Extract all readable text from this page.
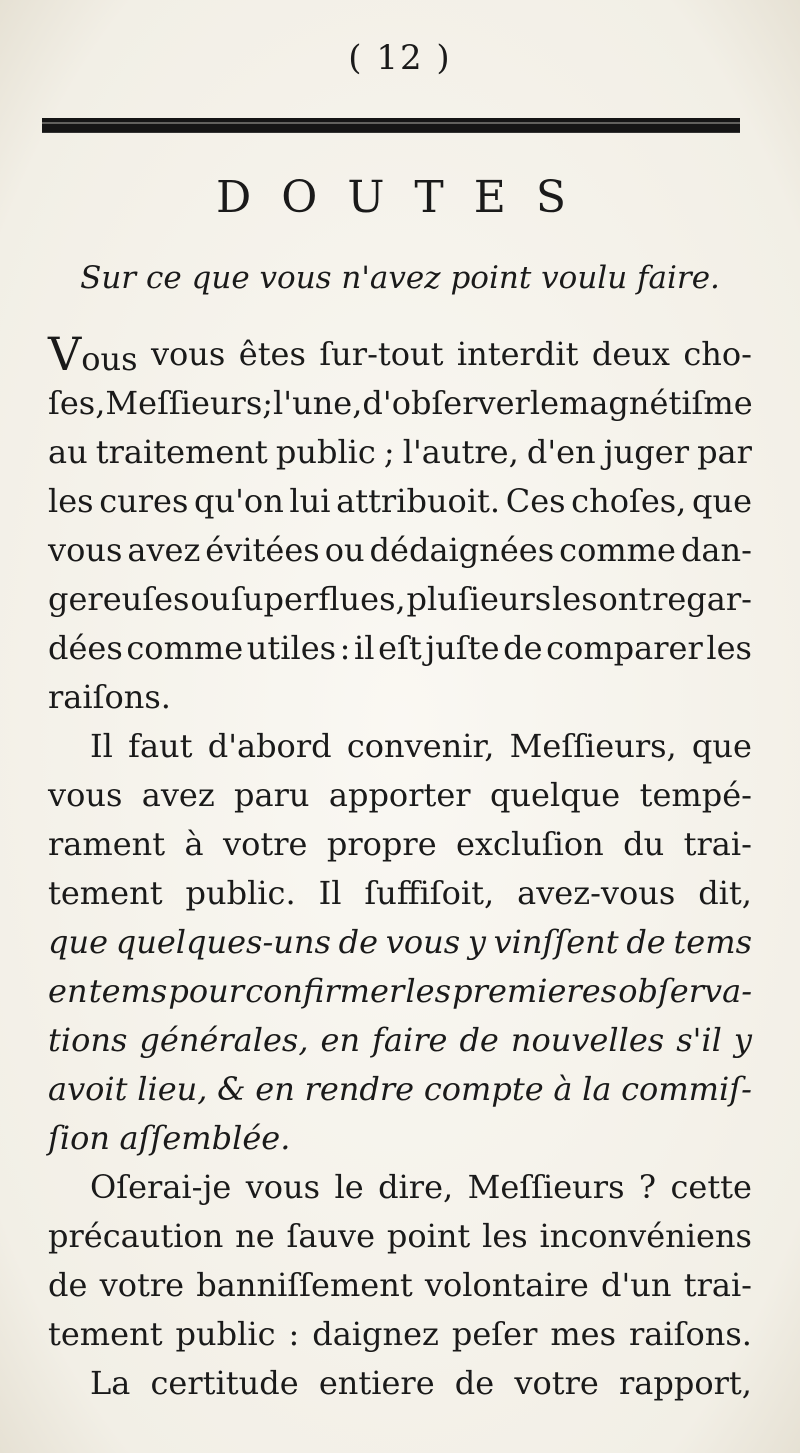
( 12 )
DOUTES
Sur ce que vous n'avez point voulu faire.
Vous vous êtes ſur-tout interdit deux cho-
ſes, Meſſieurs ; l'une, d'obſerver le magnétiſme
au traitement public ; l'autre, d'en juger par
les cures qu'on lui attribuoit. Ces choſes, que
vous avez évitées ou dédaignées comme dan-
gereuſes ou ſuperflues, pluſieurs les ont regar-
dées comme utiles : il eſt juſte de comparer les
raiſons.
Il faut d'abord convenir, Meſſieurs, que
vous avez paru apporter quelque tempé-
rament à votre propre excluſion du trai-
tement public. Il ſuffiſoit, avez-vous dit,
que quelques-uns de vous y vinſſent de tems
en tems pour confirmer les premieres obſerva-
tions générales, en faire de nouvelles s'il y
avoit lieu, & en rendre compte à la commiſ-
ſion aſſemblée.
Oſerai-je vous le dire, Meſſieurs ? cette
précaution ne ſauve point les inconvéniens
de votre banniſſement volontaire d'un trai-
tement public : daignez peſer mes raiſons.
La certitude entiere de votre rapport,
